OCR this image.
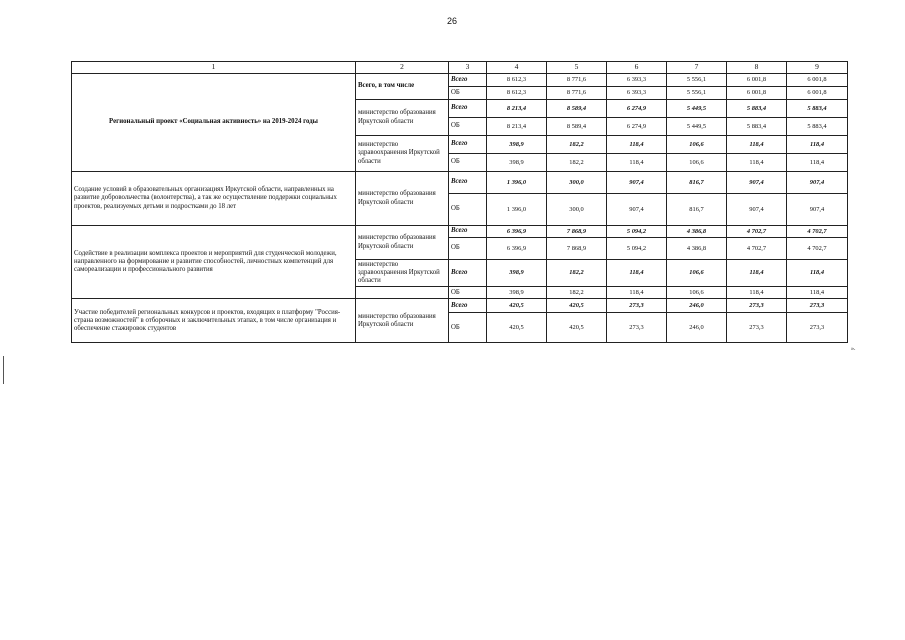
26
1	2	3	4	5	6	7	8	9
Региональный проект «Социальная активность» на 2019-2024 годы	Всего, в том числе	Всего	8 612,3	8 771,6	6 393,3	5 556,1	6 001,8	6 001,8
		ОБ	8 612,3	8 771,6	6 393,3	5 556,1	6 001,8	6 001,8
	министерство образования Иркутской области	Всего	8 213,4	8 589,4	6 274,9	5 449,5	5 883,4	5 883,4
		ОБ	8 213,4	8 589,4	6 274,9	5 449,5	5 883,4	5 883,4
	министерство здравоохранения Иркутской области	Всего	398,9	182,2	118,4	106,6	118,4	118,4
		ОБ	398,9	182,2	118,4	106,6	118,4	118,4
Создание условий в образовательных организациях Иркутской области, направленных на развитие добровольчества (волонтерства), а так же осуществление поддержки социальных проектов, реализуемых детьми и подростками до 18 лет	министерство образования Иркутской области	Всего	1 396,0	300,0	907,4	816,7	907,4	907,4
		ОБ	1 396,0	300,0	907,4	816,7	907,4	907,4
Содействие в реализации комплекса проектов и мероприятий для студенческой молодежи, направленного на формирование и развитие способностей, личностных компетенций для самореализации и профессионального развития	министерство образования Иркутской области	Всего	6 396,9	7 868,9	5 094,2	4 386,8	4 702,7	4 702,7
		ОБ	6 396,9	7 868,9	5 094,2	4 386,8	4 702,7	4 702,7
	министерство здравоохранения Иркутской области	Всего	398,9	182,2	118,4	106,6	118,4	118,4
		ОБ	398,9	182,2	118,4	106,6	118,4	118,4
Участие победителей региональных конкурсов и проектов, входящих в платформу "Россия- страна возможностей" в отборочных и заключительных этапах, в том числе организация и обеспечение стажировок студентов	министерство образования Иркутской области	Всего	420,5	420,5	273,3	246,0	273,3	273,3
		ОБ	420,5	420,5	273,3	246,0	273,3	273,3
».
